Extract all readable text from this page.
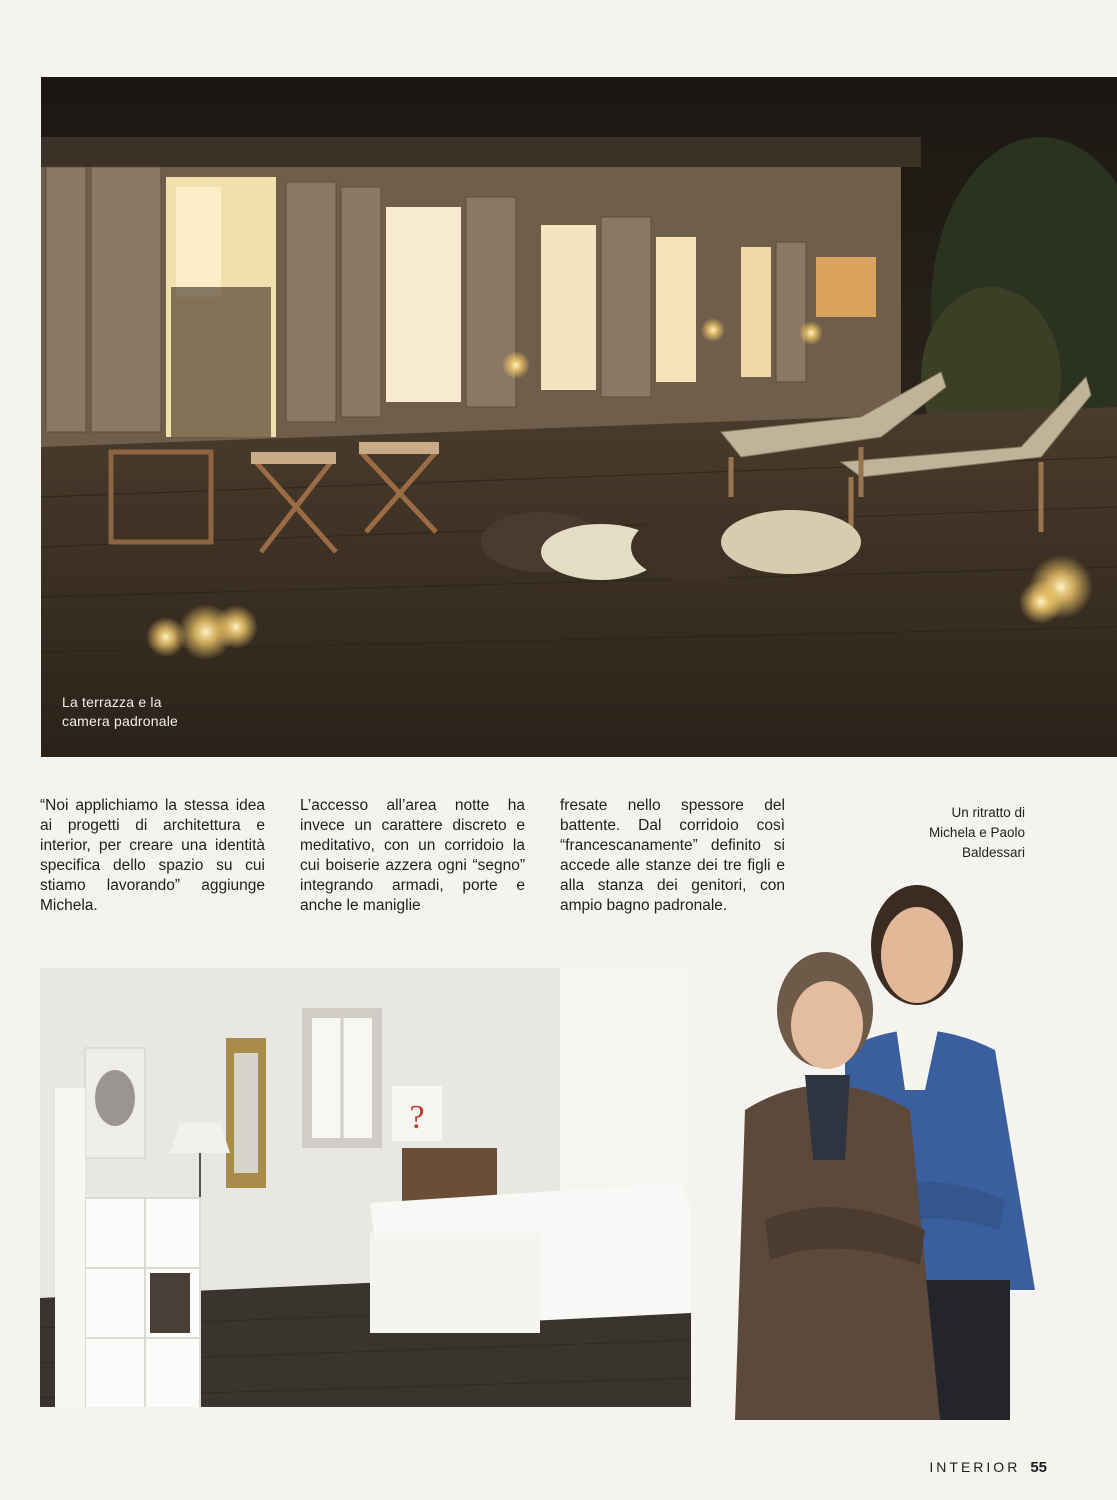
La terrazza e la
camera padronale
“Noi applichiamo la stessa idea ai progetti di architettura e interior, per creare una identità specifica dello spazio su cui stiamo lavorando” aggiunge Michela.
L’accesso all’area notte ha invece un carattere discreto e meditativo, con un corridoio la cui boiserie azzera ogni “segno” integrando armadi, porte e anche le maniglie
fresate nello spessore del battente. Dal corridoio così “francescanamente” definito si accede alle stanze dei tre figli e alla stanza dei genitori, con ampio bagno padronale.
Un ritratto di
Michela e Paolo
Baldessari
?
INTERIOR 55
